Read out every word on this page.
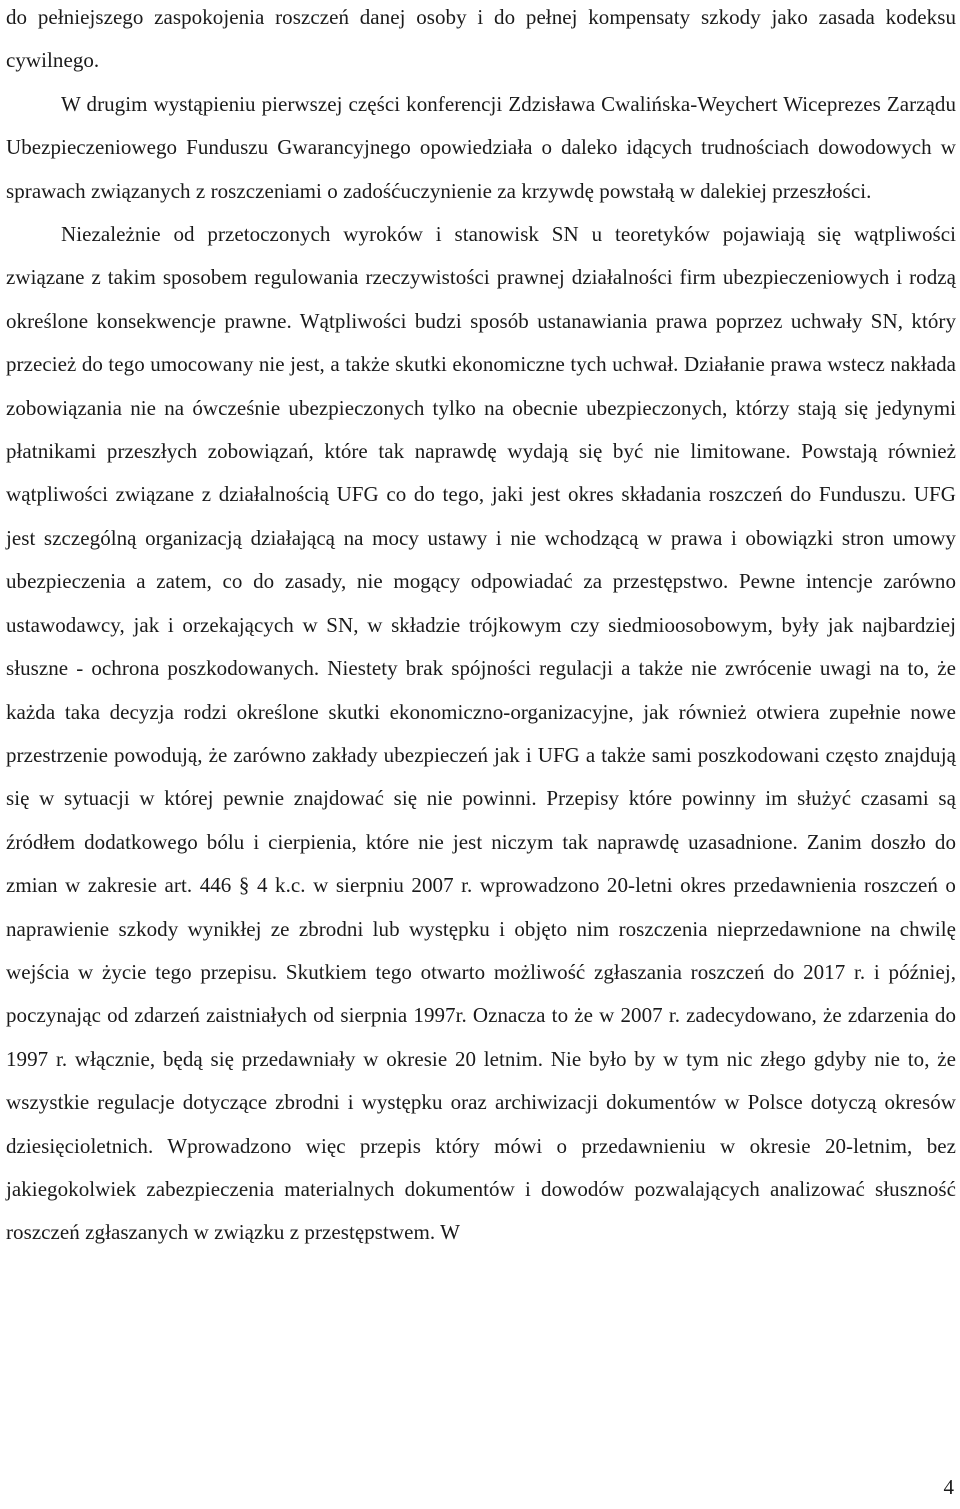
do pełniejszego zaspokojenia roszczeń danej osoby i do pełnej kompensaty szkody jako zasada kodeksu cywilnego.

W drugim wystąpieniu pierwszej części konferencji Zdzisława Cwalińska-Weychert Wiceprezes Zarządu Ubezpieczeniowego Funduszu Gwarancyjnego opowiedziała o daleko idących trudnościach dowodowych w sprawach związanych z roszczeniami o zadośćuczynienie za krzywdę powstałą w dalekiej przeszłości.

Niezależnie od przetoczonych wyroków i stanowisk SN u teoretyków pojawiają się wątpliwości związane z takim sposobem regulowania rzeczywistości prawnej działalności firm ubezpieczeniowych i rodzą określone konsekwencje prawne. Wątpliwości budzi sposób ustanawiania prawa poprzez uchwały SN, który przecież do tego umocowany nie jest, a także skutki ekonomiczne tych uchwał. Działanie prawa wstecz nakłada zobowiązania nie na ówcześnie ubezpieczonych tylko na obecnie ubezpieczonych, którzy stają się jedynymi płatnikami przeszłych zobowiązań, które tak naprawdę wydają się być nie limitowane. Powstają również wątpliwości związane z działalnością UFG co do tego, jaki jest okres składania roszczeń do Funduszu. UFG jest szczególną organizacją działającą na mocy ustawy i nie wchodzącą w prawa i obowiązki stron umowy ubezpieczenia a zatem, co do zasady, nie mogący odpowiadać za przestępstwo. Pewne intencje zarówno ustawodawcy, jak i orzekających w SN, w składzie trójkowym czy siedmioosobowym, były jak najbardziej słuszne - ochrona poszkodowanych. Niestety brak spójności regulacji a także nie zwrócenie uwagi na to, że każda taka decyzja rodzi określone skutki ekonomiczno-organizacyjne, jak również otwiera zupełnie nowe przestrzenie powodują, że zarówno zakłady ubezpieczeń jak i UFG a także sami poszkodowani często znajdują się w sytuacji w której pewnie znajdować się nie powinni. Przepisy które powinny im służyć czasami są źródłem dodatkowego bólu i cierpienia, które nie jest niczym tak naprawdę uzasadnione. Zanim doszło do zmian w zakresie art. 446 § 4 k.c. w sierpniu 2007 r. wprowadzono 20-letni okres przedawnienia roszczeń o naprawienie szkody wynikłej ze zbrodni lub występku i objęto nim roszczenia nieprzedawnione na chwilę wejścia w życie tego przepisu. Skutkiem tego otwarto możliwość zgłaszania roszczeń do 2017 r. i później, poczynając od zdarzeń zaistniałych od sierpnia 1997r. Oznacza to że w 2007 r. zadecydowano, że zdarzenia do 1997 r. włącznie, będą się przedawniały w okresie 20 letnim. Nie było by w tym nic złego gdyby nie to, że wszystkie regulacje dotyczące zbrodni i występku oraz archiwizacji dokumentów w Polsce dotyczą okresów dziesięcioletnich. Wprowadzono więc przepis który mówi o przedawnieniu w okresie 20-letnim, bez jakiegokolwiek zabezpieczenia materialnych dokumentów i dowodów pozwalających analizować słuszność roszczeń zgłaszanych w związku z przestępstwem. W

4
